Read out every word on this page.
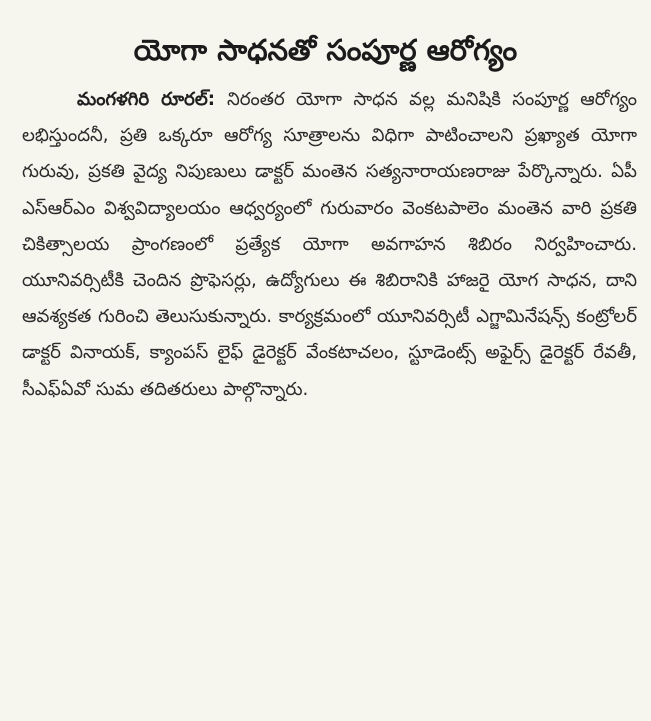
యోగా సాధనతో సంపూర్ణ ఆరోగ్యం

మంగళగిరి రూరల్: నిరంతర యోగా సాధన వల్ల మనిషికి సంపూర్ణ ఆరోగ్యం లభిస్తుందనీ, ప్రతి ఒక్కరూ ఆరోగ్య సూత్రాలను విధిగా పాటించాలని ప్రఖ్యాత యోగా గురువు, ప్రకతి వైద్య నిపుణులు డాక్టర్ మంతెన సత్యనారాయణరాజు పేర్కొన్నారు. ఏపీ ఎస్ఆర్ఎం విశ్వవిద్యాలయం ఆధ్వర్యంలో గురువారం వెంకటపాలెం మంతెన వారి ప్రకతి చికిత్సాలయ ప్రాంగణంలో ప్రత్యేక యోగా అవగాహన శిబిరం నిర్వహించారు. యూనివర్సిటీకి చెందిన ప్రొఫెసర్లు, ఉద్యోగులు ఈ శిబిరానికి హాజరై యోగ సాధన, దాని ఆవశ్యకత గురించి తెలుసుకున్నారు. కార్యక్రమంలో యూనివర్సిటీ ఎగ్జామినేషన్స్ కంట్రోలర్ డాక్టర్ వినాయక్, క్యాంపస్ లైఫ్ డైరెక్టర్ వేంకటాచలం, స్టూడెంట్స్ అఫైర్స్ డైరెక్టర్ రేవతీ, సీఎఫ్ఏవో సుమ తదితరులు పాల్గొన్నారు.
